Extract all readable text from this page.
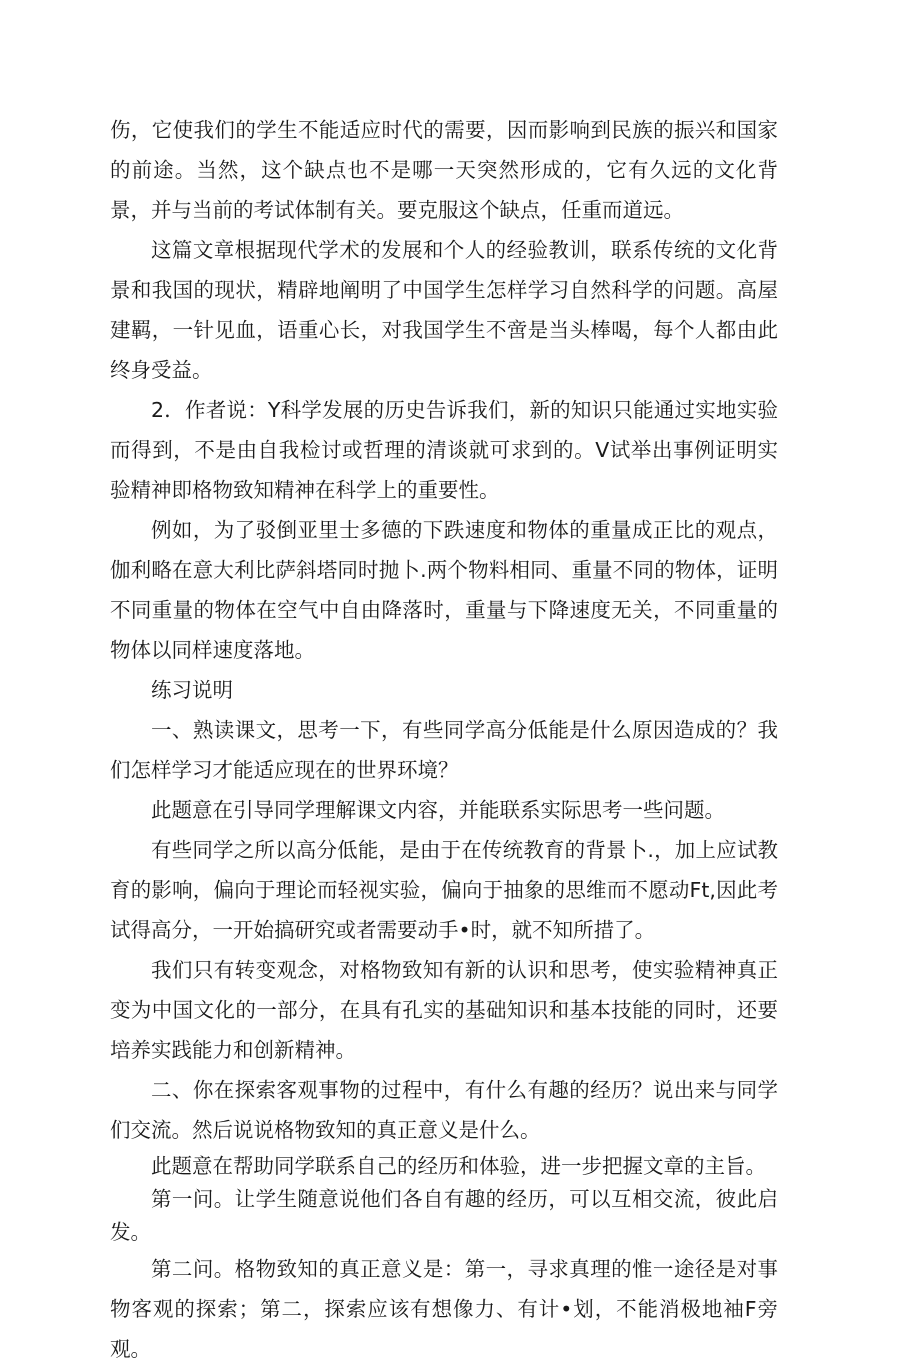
伤，它使我们的学生不能适应时代的需要，因而影响到民族的振兴和国家的前途。当然，这个缺点也不是哪一天突然形成的，它有久远的文化背景，并与当前的考试体制有关。要克服这个缺点，任重而道远。

这篇文章根据现代学术的发展和个人的经验教训，联系传统的文化背景和我国的现状，精辟地阐明了中国学生怎样学习自然科学的问题。高屋建羁，一针见血，语重心长，对我国学生不啻是当头棒喝，每个人都由此终身受益。

2．作者说：Y科学发展的历史告诉我们，新的知识只能通过实地实验而得到，不是由自我检讨或哲理的清谈就可求到的。V试举出事例证明实验精神即格物致知精神在科学上的重要性。

例如，为了驳倒亚里士多德的下跌速度和物体的重量成正比的观点，伽利略在意大利比萨斜塔同时抛卜.两个物料相同、重量不同的物体，证明不同重量的物体在空气中自由降落时，重量与下降速度无关，不同重量的物体以同样速度落地。

练习说明

一、熟读课文，思考一下，有些同学高分低能是什么原因造成的？我们怎样学习才能适应现在的世界环境？

此题意在引导同学理解课文内容，并能联系实际思考一些问题。

有些同学之所以高分低能，是由于在传统教育的背景卜.，加上应试教育的影响，偏向于理论而轻视实验，偏向于抽象的思维而不愿动Ft,因此考试得高分，一开始搞研究或者需要动手•时，就不知所措了。

我们只有转变观念，对格物致知有新的认识和思考，使实验精神真正变为中国文化的一部分，在具有孔实的基础知识和基本技能的同时，还要培养实践能力和创新精神。

二、你在探索客观事物的过程中，有什么有趣的经历？说出来与同学们交流。然后说说格物致知的真正意义是什么。

此题意在帮助同学联系自己的经历和体验，进一步把握文章的主旨。

第一问。让学生随意说他们各自有趣的经历，可以互相交流，彼此启发。

第二问。格物致知的真正意义是：第一，寻求真理的惟一途径是对事物客观的探索；第二，探索应该有想像力、有计•划，不能消极地袖F旁观。
